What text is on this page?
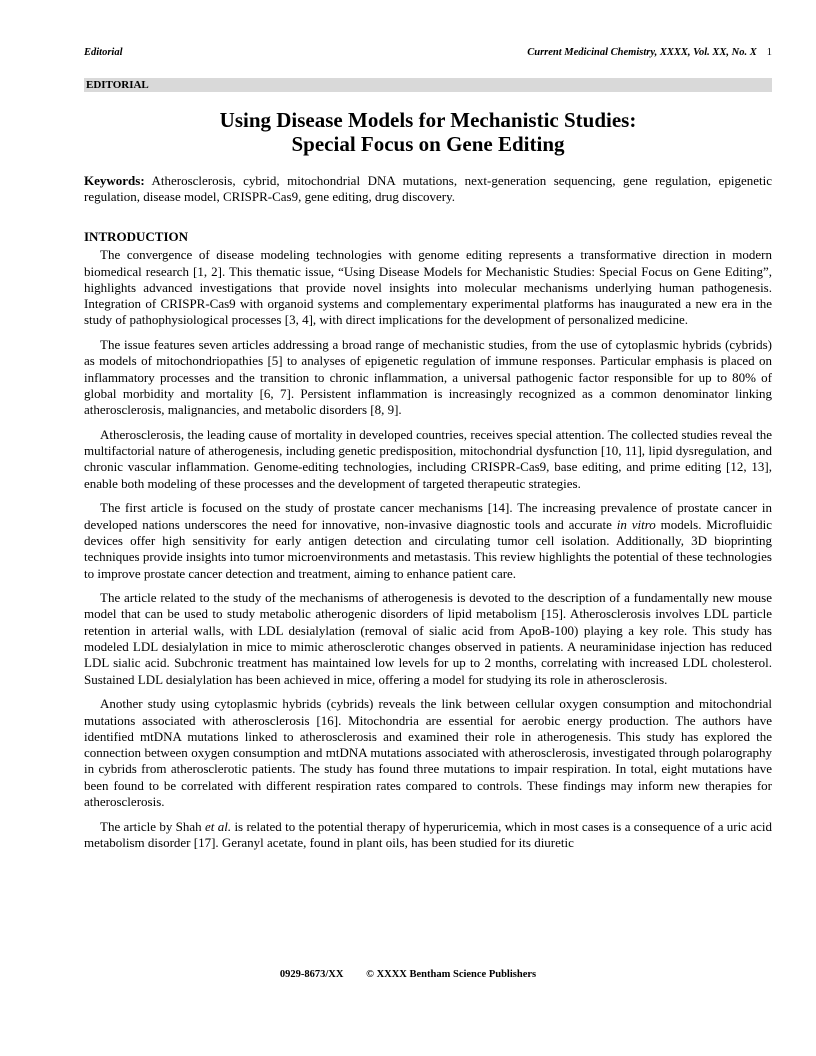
Editorial	Current Medicinal Chemistry, XXXX, Vol. XX, No. X 1
EDITORIAL
Using Disease Models for Mechanistic Studies:
Special Focus on Gene Editing
Keywords: Atherosclerosis, cybrid, mitochondrial DNA mutations, next-generation sequencing, gene regulation, epigenetic regulation, disease model, CRISPR-Cas9, gene editing, drug discovery.
INTRODUCTION

The convergence of disease modeling technologies with genome editing represents a transformative direction in modern biomedical research [1, 2]. This thematic issue, “Using Disease Models for Mechanistic Studies: Special Focus on Gene Editing”, highlights advanced investigations that provide novel insights into molecular mechanisms underlying human pathogenesis. Integration of CRISPR-Cas9 with organoid systems and complementary experimental platforms has inaugurated a new era in the study of pathophysiological processes [3, 4], with direct implications for the development of personalized medicine.

The issue features seven articles addressing a broad range of mechanistic studies, from the use of cytoplasmic hybrids (cybrids) as models of mitochondriopathies [5] to analyses of epigenetic regulation of immune responses. Particular emphasis is placed on inflammatory processes and the transition to chronic inflammation, a universal pathogenic factor responsible for up to 80% of global morbidity and mortality [6, 7]. Persistent inflammation is increasingly recognized as a common denominator linking atherosclerosis, malignancies, and metabolic disorders [8, 9].

Atherosclerosis, the leading cause of mortality in developed countries, receives special attention. The collected studies reveal the multifactorial nature of atherogenesis, including genetic predisposition, mitochondrial dysfunction [10, 11], lipid dysregulation, and chronic vascular inflammation. Genome-editing technologies, including CRISPR-Cas9, base editing, and prime editing [12, 13], enable both modeling of these processes and the development of targeted therapeutic strategies.

The first article is focused on the study of prostate cancer mechanisms [14]. The increasing prevalence of prostate cancer in developed nations underscores the need for innovative, non-invasive diagnostic tools and accurate in vitro models. Microfluidic devices offer high sensitivity for early antigen detection and circulating tumor cell isolation. Additionally, 3D bioprinting techniques provide insights into tumor microenvironments and metastasis. This review highlights the potential of these technologies to improve prostate cancer detection and treatment, aiming to enhance patient care.

The article related to the study of the mechanisms of atherogenesis is devoted to the description of a fundamentally new mouse model that can be used to study metabolic atherogenic disorders of lipid metabolism [15]. Atherosclerosis involves LDL particle retention in arterial walls, with LDL desialylation (removal of sialic acid from ApoB-100) playing a key role. This study has modeled LDL desialylation in mice to mimic atherosclerotic changes observed in patients. A neuraminidase injection has reduced LDL sialic acid. Subchronic treatment has maintained low levels for up to 2 months, correlating with increased LDL cholesterol. Sustained LDL desialylation has been achieved in mice, offering a model for studying its role in atherosclerosis.

Another study using cytoplasmic hybrids (cybrids) reveals the link between cellular oxygen consumption and mitochondrial mutations associated with atherosclerosis [16]. Mitochondria are essential for aerobic energy production. The authors have identified mtDNA mutations linked to atherosclerosis and examined their role in atherogenesis. This study has explored the connection between oxygen consumption and mtDNA mutations associated with atherosclerosis, investigated through polarography in cybrids from atherosclerotic patients. The study has found three mutations to impair respiration. In total, eight mutations have been found to be correlated with different respiration rates compared to controls. These findings may inform new therapies for atherosclerosis.

The article by Shah et al. is related to the potential therapy of hyperuricemia, which in most cases is a consequence of a uric acid metabolism disorder [17]. Geranyl acetate, found in plant oils, has been studied for its diuretic

0929-8673/XX © XXXX Bentham Science Publishers
